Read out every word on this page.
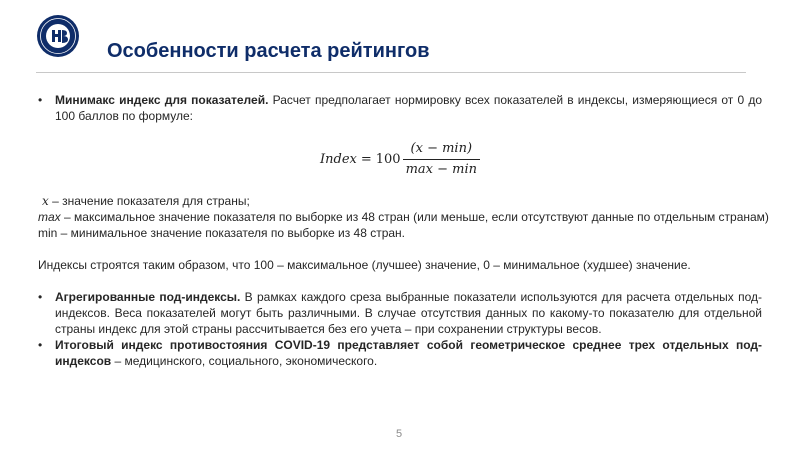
Особенности расчета рейтингов
• Минимакс индекс для показателей. Расчет предполагает нормировку всех показателей в индексы, измеряющиеся от 0 до 100 баллов по формуле:
Index = $100 \frac{(x - \min)}{\max - \min}$
x – значение показателя для страны;
max – максимальное значение показателя по выборке из 48 стран (или меньше, если отсутствуют данные по отдельным странам)
min – минимальное значение показателя по выборке из 48 стран.
Индексы строятся таким образом, что 100 – максимальное (лучшее) значение, 0 – минимальное (худшее) значение.
• Агрегированные под-индексы. В рамках каждого среза выбранные показатели используются для расчета отдельных под-индексов. Веса показателей могут быть различными. В случае отсутствия данных по какому-то показателю для отдельной страны индекс для этой страны рассчитывается без его учета – при сохранении структуры весов.
• Итоговый индекс противостояния COVID-19 представляет собой геометрическое среднее трех отдельных под-индексов – медицинского, социального, экономического.
5
